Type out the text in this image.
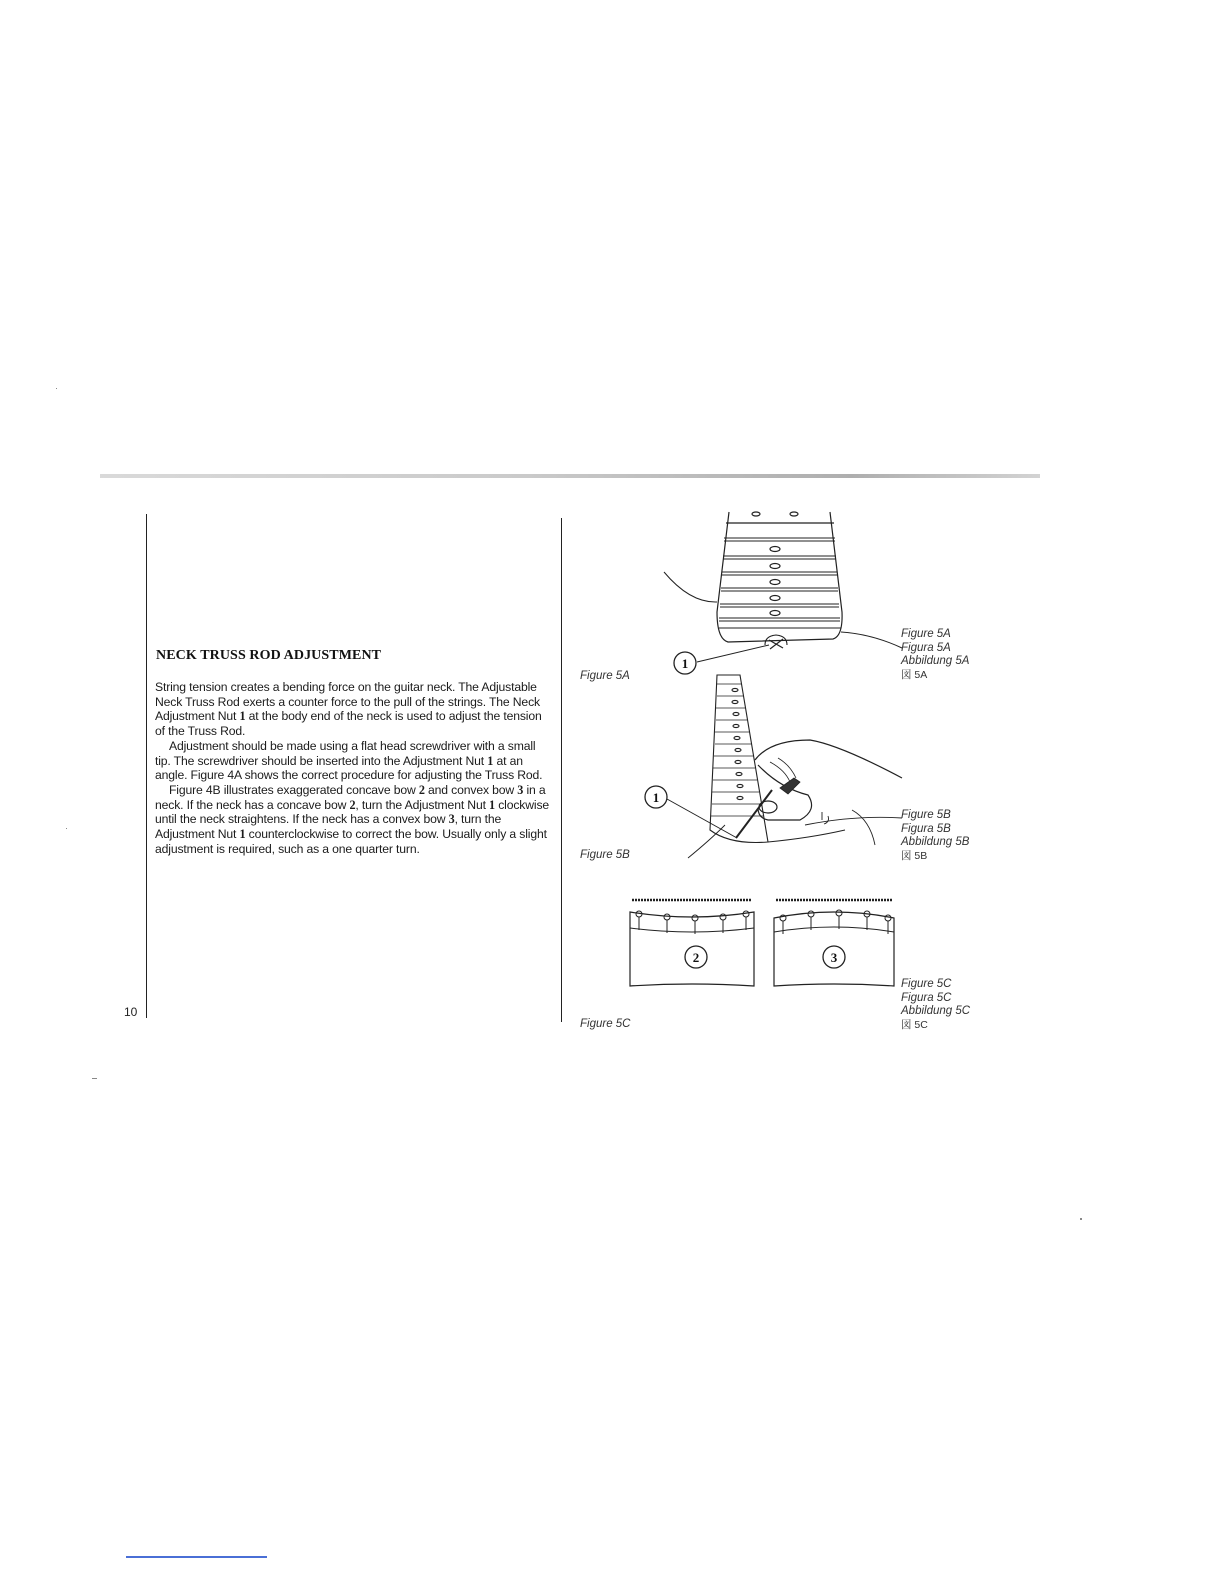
10
NECK TRUSS ROD ADJUSTMENT

String tension creates a bending force on the guitar neck. The Adjustable Neck Truss Rod exerts a counter force to the pull of the strings. The Neck Adjustment Nut 1 at the body end of the neck is used to adjust the tension of the Truss Rod.

Adjustment should be made using a flat head screwdriver with a small tip. The screwdriver should be inserted into the Adjustment Nut 1 at an angle. Figure 4A shows the correct procedure for adjusting the Truss Rod.

Figure 4B illustrates exaggerated concave bow 2 and convex bow 3 in a neck. If the neck has a concave bow 2, turn the Adjustment Nut 1 clockwise until the neck straightens. If the neck has a convex bow 3, turn the Adjustment Nut 1 counterclockwise to correct the bow. Usually only a slight adjustment is required, such as a one quarter turn.

1
Figure 5A
Figure 5A
Figura 5A
Abbildung 5A
図 5A
1
Figure 5B
Figure 5B
Figura 5B
Abbildung 5B
図 5B
2	3
Figure 5C
Figure 5C
Figura 5C
Abbildung 5C
図 5C
